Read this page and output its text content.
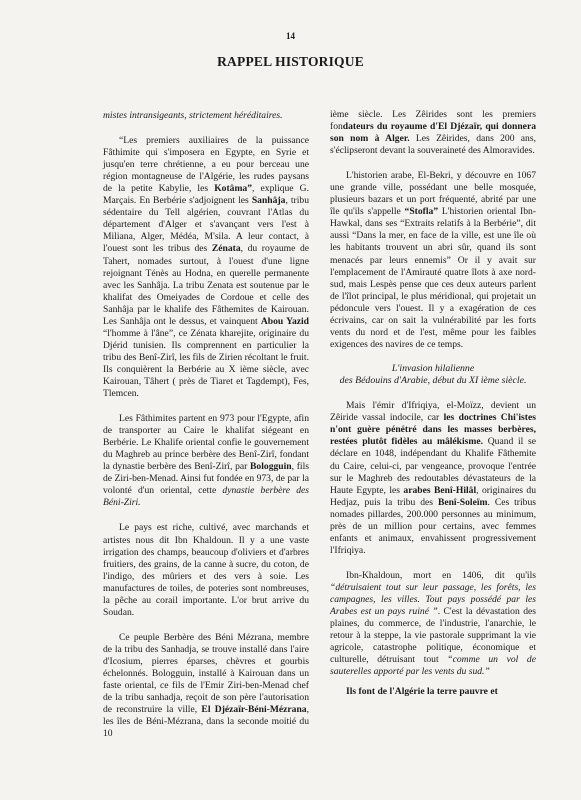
14
RAPPEL HISTORIQUE

mistes intransigeants, strictement héréditaires.

“Les premiers auxiliaires de la puissance Fâthimite qui s'imposera en Egypte, en Syrie et jusqu'en terre chrétienne, a eu pour berceau une région montagneuse de l'Algérie, les rudes paysans de la petite Kabylie, les Kotâma”, explique G. Marçais. En Berbérie s'adjoignent les Sanhâja, tribu sédentaire du Tell algérien, couvrant l'Atlas du département d'Alger et s'avançant vers l'est à Miliana, Alger, Médéa, M'sila. A leur contact, à l'ouest sont les tribus des Zénata, du royaume de Tahert, nomades surtout, à l'ouest d'une ligne rejoignant Ténès au Hodna, en querelle permanente avec les Sanhâja. La tribu Zenata est soutenue par le khalifat des Omeiyades de Cordoue et celle des Sanhâja par le khalife des Fâthemites de Kairouan. Les Sanhâja ont le dessus, et vainquent Abou Yazid “l'homme à l'âne”, ce Zénata kharejite, originaire du Djérid tunisien. Ils comprennent en particulier la tribu des Benî-Zirî, les fils de Zirien récoltant le fruit. Ils conquièrent la Berbérie au X ième siècle, avec Kairouan, Tâhert ( près de Tiaret et Tagdempt), Fes, Tlemcen.

Les Fâthimites partent en 973 pour l'Egypte, afin de transporter au Caire le khalifat siégeant en Berbérie. Le Khalife oriental confie le gouvernement du Maghreb au prince berbère des Benî-Zirî, fondant la dynastie berbère des Benî-Zirî, par Bologguin, fils de Ziri-ben-Menad. Ainsi fut fondée en 973, de par la volonté d'un oriental, cette dynastie berbère des Béni-Ziri.

Le pays est riche, cultivé, avec marchands et artistes nous dit Ibn Khaldoun. Il y a une vaste irrigation des champs, beaucoup d'oliviers et d'arbres fruitiers, des grains, de la canne à sucre, du coton, de l'indigo, des mûriers et des vers à soie. Les manufactures de toiles, de poteries sont nombreuses, la pêche au corail importante. L'or brut arrive du Soudan.

Ce peuple Berbère des Béni Mézrana, membre de la tribu des Sanhadja, se trouve installé dans l'aire d'Icosium, pierres éparses, chèvres et gourbis échelonnés. Bologguin, installé à Kairouan dans un faste oriental, ce fils de l'Emir Ziri-ben-Menad chef de la tribu sanhadja, reçoit de son père l'autorisation de reconstruire la ville, El Djézaïr-Béni-Mézrana, les îles de Béni-Mézrana, dans la seconde moitié du 10

ième siècle. Les Zêirides sont les premiers fondateurs du royaume d'El Djézaïr, qui donnera son nom à Alger. Les Zêirides, dans 200 ans, s'éclipseront devant la souveraineté des Almoravides.

L'historien arabe, El-Bekri, y découvre en 1067 une grande ville, possédant une belle mosquée, plusieurs bazars et un port fréquenté, abrité par une île qu'ils s'appelle “Stofla” L'historien oriental Ibn-Hawkal, dans ses “Extraits relatifs à la Berbérie”, dit aussi “Dans la mer, en face de la ville, est une île où les habitants trouvent un abri sûr, quand ils sont menacés par leurs ennemis” Or il y avait sur l'emplacement de l'Amirauté quatre îlots à axe nord-sud, mais Lespès pense que ces deux auteurs parlent de l'îlot principal, le plus méridional, qui projetait un pédoncule vers l'ouest. Il y a exagération de ces écrivains, car on sait la vulnérabilité par les forts vents du nord et de l'est, même pour les faibles exigences des navires de ce temps.

L'invasion hilalienne
des Bédouins d'Arabie, début du XI ième siècle.

Mais l'émir d'Ifriqiya, el-Moïzz, devient un Zêiride vassal indocile, car les doctrines Chi'istes n'ont guère pénétré dans les masses berbères, restées plutôt fidèles au mâlékisme. Quand il se déclare en 1048, indépendant du Khalife Fâthemite du Caire, celui-ci, par vengeance, provoque l'entrée sur le Maghreb des redoutables dévastateurs de la Haute Egypte, les arabes Benî-Hilâl, originaires du Hedjaz, puis la tribu des Benî-Soleïm. Ces tribus nomades pillardes, 200.000 personnes au minimum, près de un million pour certains, avec femmes enfants et animaux, envahissent progressivement l'Ifriqiya.

Ibn-Khaldoun, mort en 1406, dit qu'ils “détruisaient tout sur leur passage, les forêts, les campagnes, les villes. Tout pays possédé par les Arabes est un pays ruiné ”. C'est la dévastation des plaines, du commerce, de l'industrie, l'anarchie, le retour à la steppe, la vie pastorale supprimant la vie agricole, catastrophe politique, économique et culturelle, détruisant tout “comme un vol de sauterelles apporté par les vents du sud.”

Ils font de l'Algérie la terre pauvre et
